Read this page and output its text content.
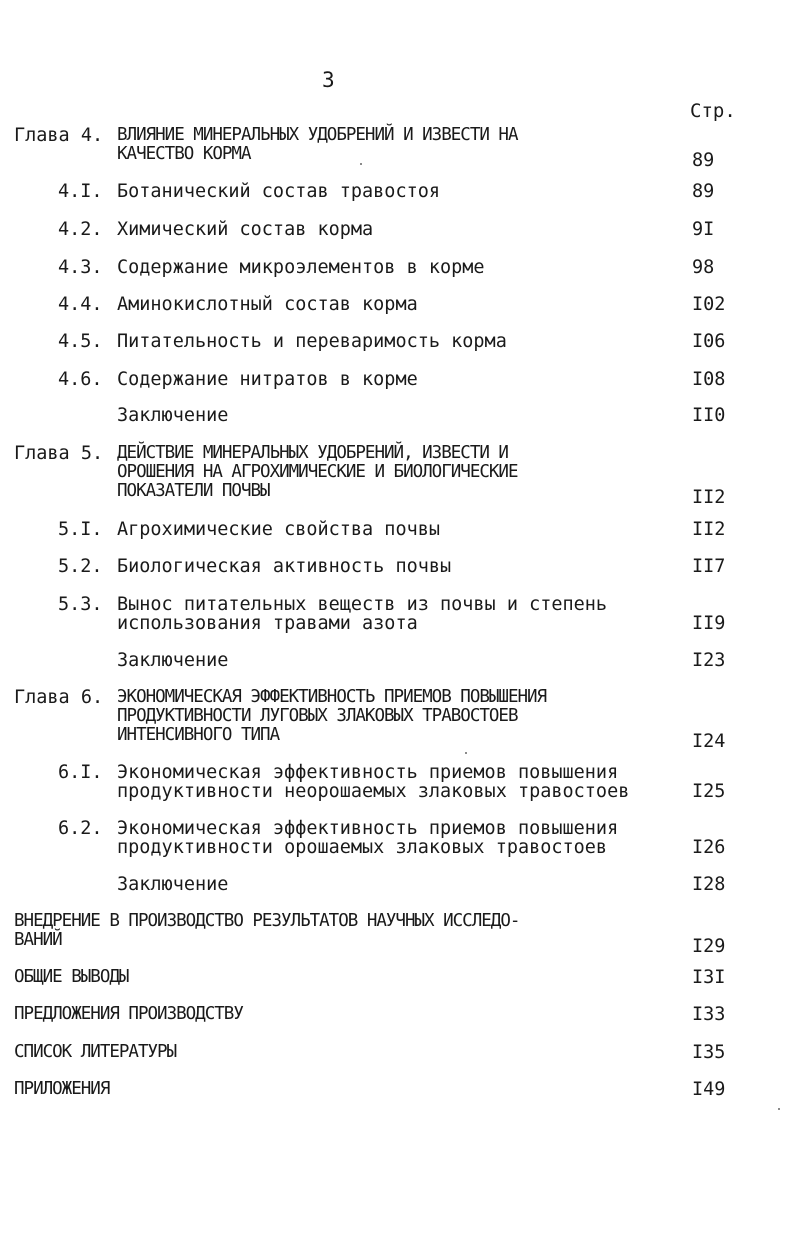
3
Стр.
Глава 4. ВЛИЯНИЕ МИНЕРАЛЬНЫХ УДОБРЕНИЙ И ИЗВЕСТИ НА
КАЧЕСТВО КОРМА	89
4.I. Ботанический состав травостоя	89
4.2. Химический состав корма	9I
4.3. Содержание микроэлементов в корме	98
4.4. Аминокислотный состав корма	I02
4.5. Питательность и переваримость корма	I06
4.6. Содержание нитратов в корме	I08
Заключение	II0
Глава 5. ДЕЙСТВИЕ МИНЕРАЛЬНЫХ УДОБРЕНИЙ, ИЗВЕСТИ И
ОРОШЕНИЯ НА АГРОХИМИЧЕСКИЕ И БИОЛОГИЧЕСКИЕ
ПОКАЗАТЕЛИ ПОЧВЫ	II2
5.I. Агрохимические свойства почвы	II2
5.2. Биологическая активность почвы	II7
5.3. Вынос питательных веществ из почвы и степень
использования травами азота	II9
Заключение	I23
Глава 6. ЭКОНОМИЧЕСКАЯ ЭФФЕКТИВНОСТЬ ПРИЕМОВ ПОВЫШЕНИЯ
ПРОДУКТИВНОСТИ ЛУГОВЫХ ЗЛАКОВЫХ ТРАВОСТОЕВ
ИНТЕНСИВНОГО ТИПА	I24
6.I. Экономическая эффективность приемов повышения
продуктивности неорошаемых злаковых травостоев	I25
6.2. Экономическая эффективность приемов повышения
продуктивности орошаемых злаковых травостоев	I26
Заключение	I28
ВНЕДРЕНИЕ В ПРОИЗВОДСТВО РЕЗУЛЬТАТОВ НАУЧНЫХ ИССЛЕДО-
ВАНИЙ	I29
ОБЩИЕ ВЫВОДЫ	I3I
ПРЕДЛОЖЕНИЯ ПРОИЗВОДСТВУ	I33
СПИСОК ЛИТЕРАТУРЫ	I35
ПРИЛОЖЕНИЯ	I49
